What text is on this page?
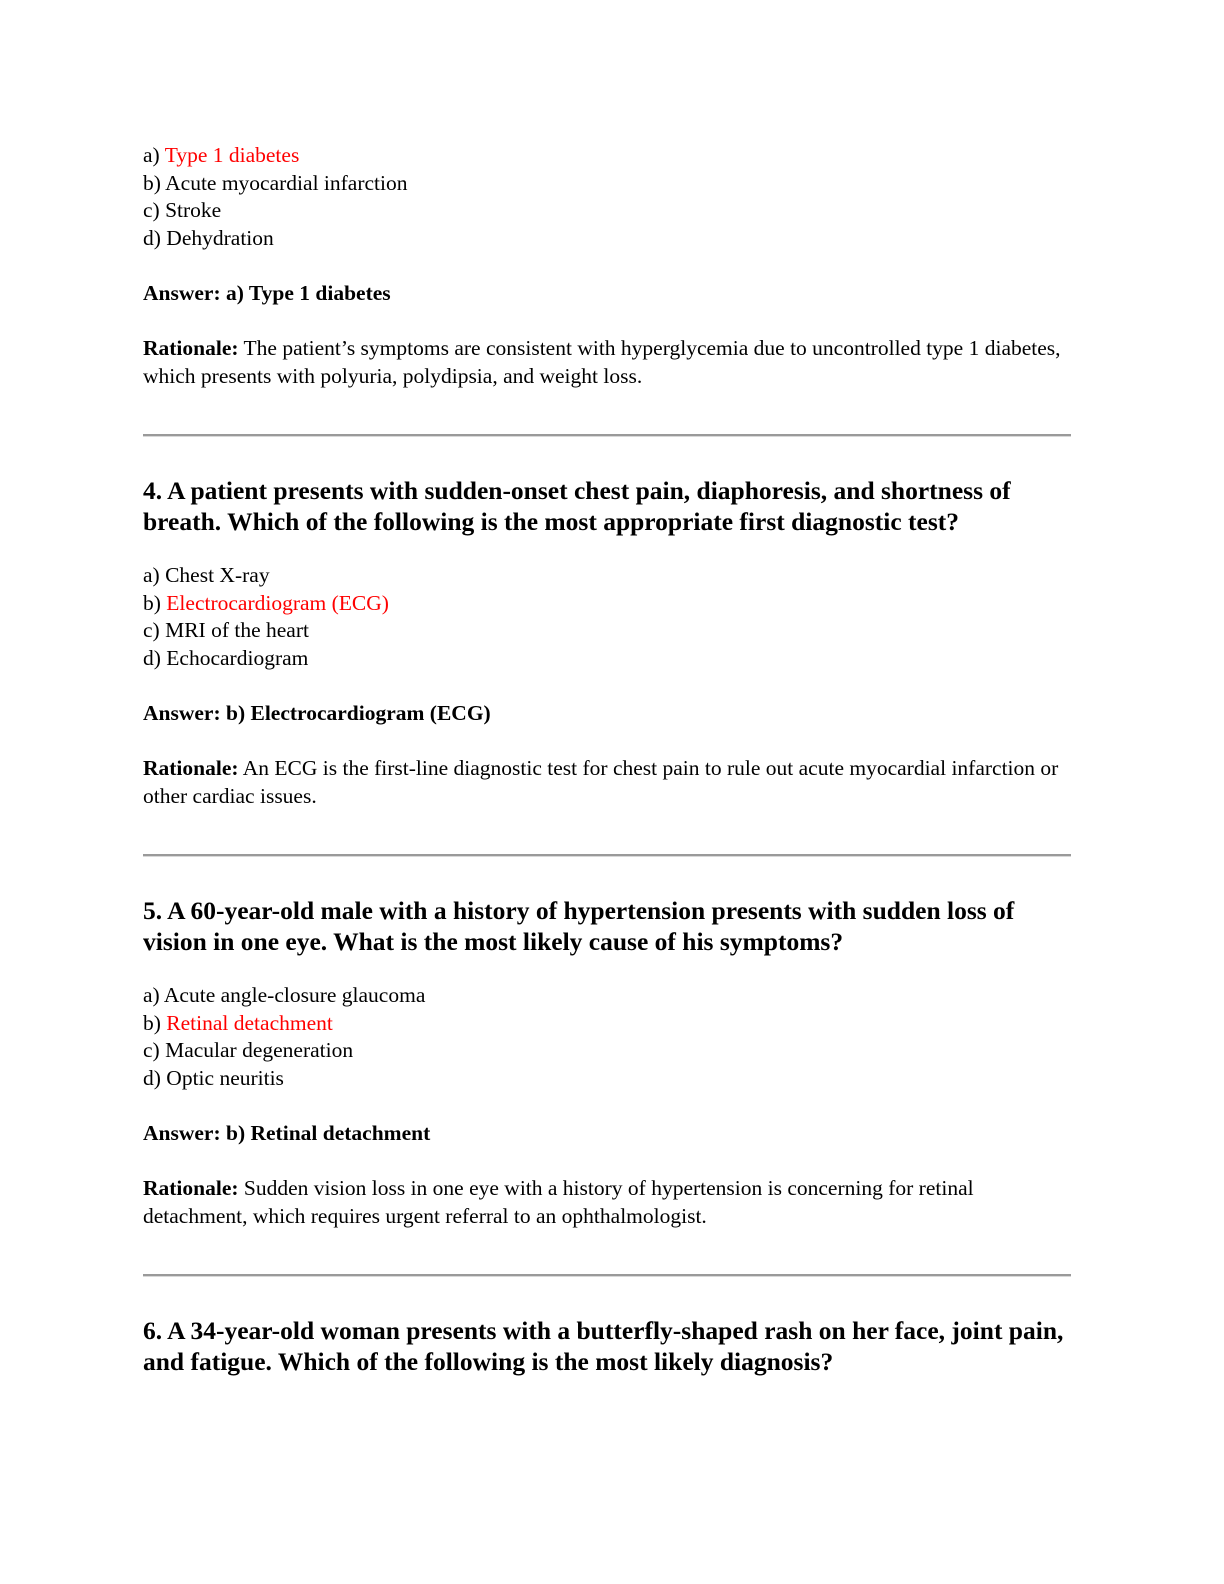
a) Type 1 diabetes
b) Acute myocardial infarction
c) Stroke
d) Dehydration
Answer: a) Type 1 diabetes
Rationale: The patient’s symptoms are consistent with hyperglycemia due to uncontrolled type 1 diabetes, which presents with polyuria, polydipsia, and weight loss.
4. A patient presents with sudden-onset chest pain, diaphoresis, and shortness of breath. Which of the following is the most appropriate first diagnostic test?
a) Chest X-ray
b) Electrocardiogram (ECG)
c) MRI of the heart
d) Echocardiogram
Answer: b) Electrocardiogram (ECG)
Rationale: An ECG is the first-line diagnostic test for chest pain to rule out acute myocardial infarction or other cardiac issues.
5. A 60-year-old male with a history of hypertension presents with sudden loss of vision in one eye. What is the most likely cause of his symptoms?
a) Acute angle-closure glaucoma
b) Retinal detachment
c) Macular degeneration
d) Optic neuritis
Answer: b) Retinal detachment
Rationale: Sudden vision loss in one eye with a history of hypertension is concerning for retinal detachment, which requires urgent referral to an ophthalmologist.
6. A 34-year-old woman presents with a butterfly-shaped rash on her face, joint pain, and fatigue. Which of the following is the most likely diagnosis?
